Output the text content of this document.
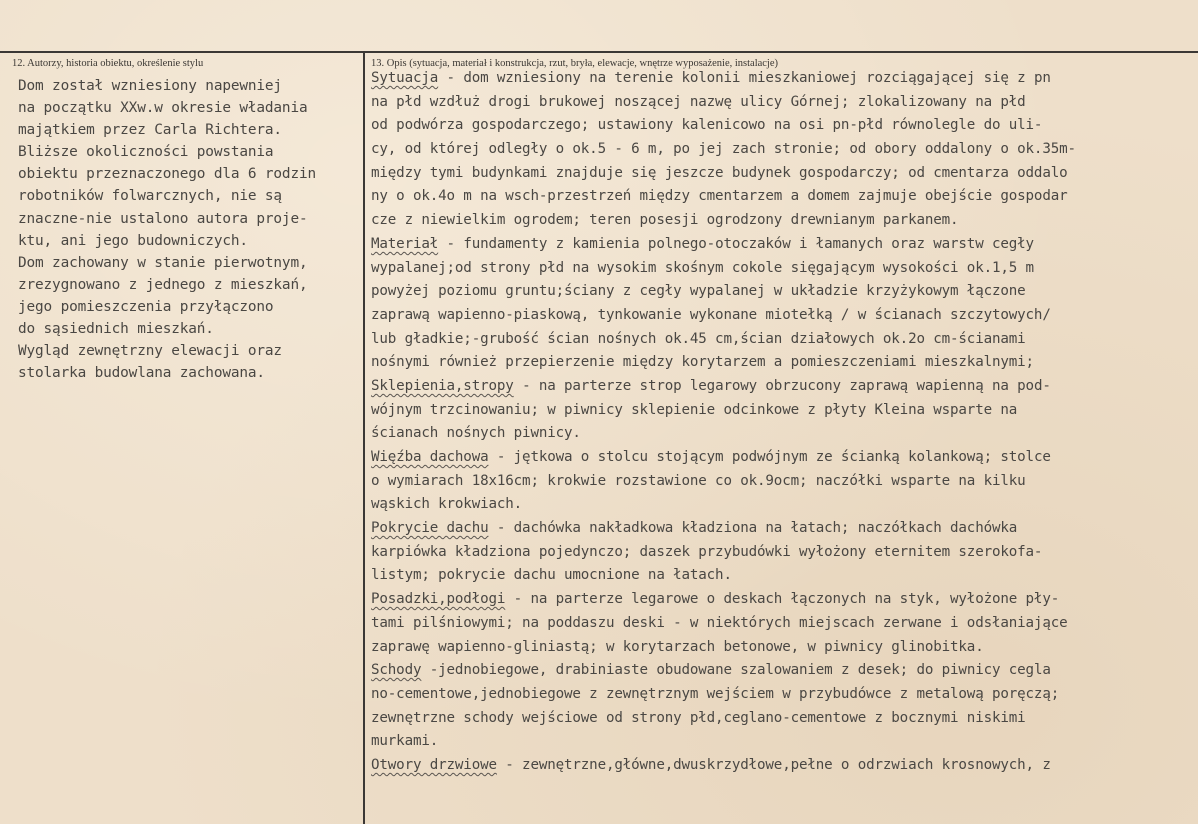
12. Autorzy, historia obiektu, określenie stylu	13. Opis (sytuacja, materiał i konstrukcja, rzut, bryła, elewacje, wnętrze wyposażenie, instalacje)
Dom został wzniesiony napewniej
na początku XXw.w okresie władania
majątkiem przez Carla Richtera.
Bliższe okoliczności powstania
obiektu przeznaczonego dla 6 rodzin
robotników folwarcznych, nie są
znaczne-nie ustalono autora proje-
ktu, ani jego budowniczych.
Dom zachowany w stanie pierwotnym,
zrezygnowano z jednego z mieszkań,
jego pomieszczenia przyłączono
do sąsiednich mieszkań.
Wygląd zewnętrzny elewacji oraz
stolarka budowlana zachowana.
Sytuacja - dom wzniesiony na terenie kolonii mieszkaniowej rozciągającej się z pn
na płd wzdłuż drogi brukowej noszącej nazwę ulicy Górnej; zlokalizowany na płd
od podwórza gospodarczego; ustawiony kalenicowo na osi pn-płd równolegle do uli-
cy, od której odległy o ok.5 - 6 m, po jej zach stronie; od obory oddalony o ok.35m-
między tymi budynkami znajduje się jeszcze budynek gospodarczy; od cmentarza oddalo
ny o ok.4o m na wsch-przestrzeń między cmentarzem a domem zajmuje obejście gospodar
cze z niewielkim ogrodem; teren posesji ogrodzony drewnianym parkanem.
Materiał - fundamenty z kamienia polnego-otoczaków i łamanych oraz warstw cegły
wypalanej;od strony płd na wysokim skośnym cokole sięgającym wysokości ok.1,5 m
powyżej poziomu gruntu;ściany z cegły wypalanej w układzie krzyżykowym łączone
zaprawą wapienno-piaskową, tynkowanie wykonane miotełką / w ścianach szczytowych/
lub gładkie;-grubość ścian nośnych ok.45 cm,ścian działowych ok.2o cm-ścianami
nośnymi również przepierzenie między korytarzem a pomieszczeniami mieszkalnymi;
Sklepienia,stropy - na parterze strop legarowy obrzucony zaprawą wapienną na pod-
wójnym trzcinowaniu; w piwnicy sklepienie odcinkowe z płyty Kleina wsparte na
ścianach nośnych piwnicy.
Więźba dachowa - jętkowa o stolcu stojącym podwójnym ze ścianką kolankową; stolce
o wymiarach 18x16cm; krokwie rozstawione co ok.9ocm; naczółki wsparte na kilku
wąskich krokwiach.
Pokrycie dachu - dachówka nakładkowa kładziona na łatach; naczółkach dachówka
karpiówka kładziona pojedynczo; daszek przybudówki wyłożony eternitem szerokofa-
listym; pokrycie dachu umocnione na łatach.
Posadzki,podłogi - na parterze legarowe o deskach łączonych na styk, wyłożone pły-
tami pilśniowymi; na poddaszu deski - w niektórych miejscach zerwane i odsłaniające
zaprawę wapienno-gliniastą; w korytarzach betonowe, w piwnicy glinobitka.
Schody -jednobiegowe, drabiniaste obudowane szalowaniem z desek; do piwnicy cegla
no-cementowe,jednobiegowe z zewnętrznym wejściem w przybudówce z metalową poręczą;
zewnętrzne schody wejściowe od strony płd,ceglano-cementowe z bocznymi niskimi
murkami.
Otwory drzwiowe - zewnętrzne,główne,dwuskrzydłowe,pełne o odrzwiach krosnowych, z
